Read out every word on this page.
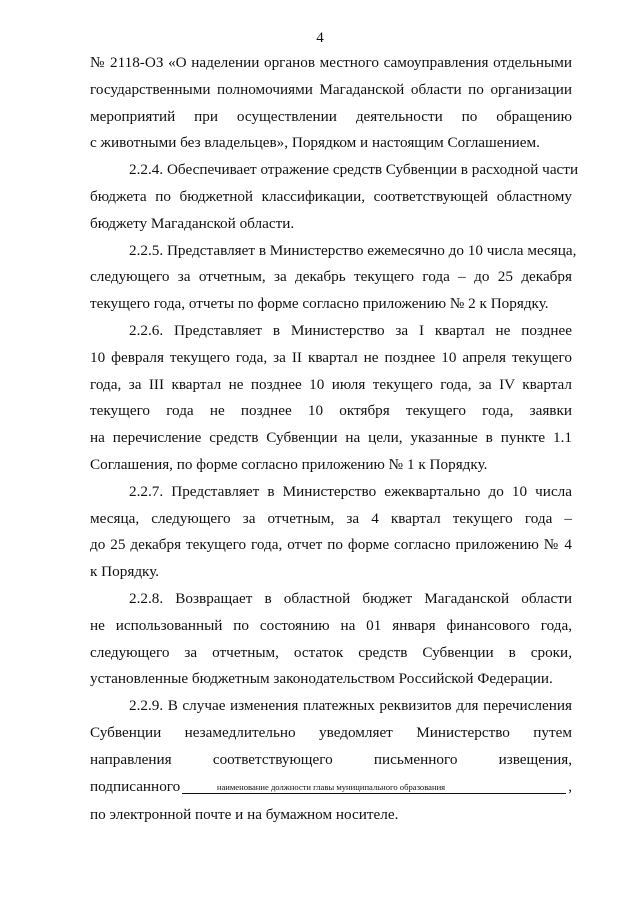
4

№ 2118-ОЗ «О наделении органов местного самоуправления отдельными
государственными полномочиями Магаданской области по организации
мероприятий при осуществлении деятельности по обращению
с животными без владельцев», Порядком и настоящим Соглашением.

2.2.4. Обеспечивает отражение средств Субвенции в расходной части
бюджета по бюджетной классификации, соответствующей областному
бюджету Магаданской области.

2.2.5. Представляет в Министерство ежемесячно до 10 числа месяца,
следующего за отчетным, за декабрь текущего года – до 25 декабря
текущего года, отчеты по форме согласно приложению № 2 к Порядку.

2.2.6. Представляет в Министерство за I квартал не позднее
10 февраля текущего года, за II квартал не позднее 10 апреля текущего
года, за III квартал не позднее 10 июля текущего года, за IV квартал
текущего года не позднее 10 октября текущего года, заявки
на перечисление средств Субвенции на цели, указанные в пункте 1.1
Соглашения, по форме согласно приложению № 1 к Порядку.

2.2.7. Представляет в Министерство ежеквартально до 10 числа
месяца, следующего за отчетным, за 4 квартал текущего года –
до 25 декабря текущего года, отчет по форме согласно приложению № 4
к Порядку.

2.2.8. Возвращает в областной бюджет Магаданской области
не использованный по состоянию на 01 января финансового года,
следующего за отчетным, остаток средств Субвенции в сроки,
установленные бюджетным законодательством Российской Федерации.

2.2.9. В случае изменения платежных реквизитов для перечисления
Субвенции незамедлительно уведомляет Министерство путем
направления соответствующего письменного извещения,
подписанного	,

наименование должности главы муниципального образования
по электронной почте и на бумажном носителе.
